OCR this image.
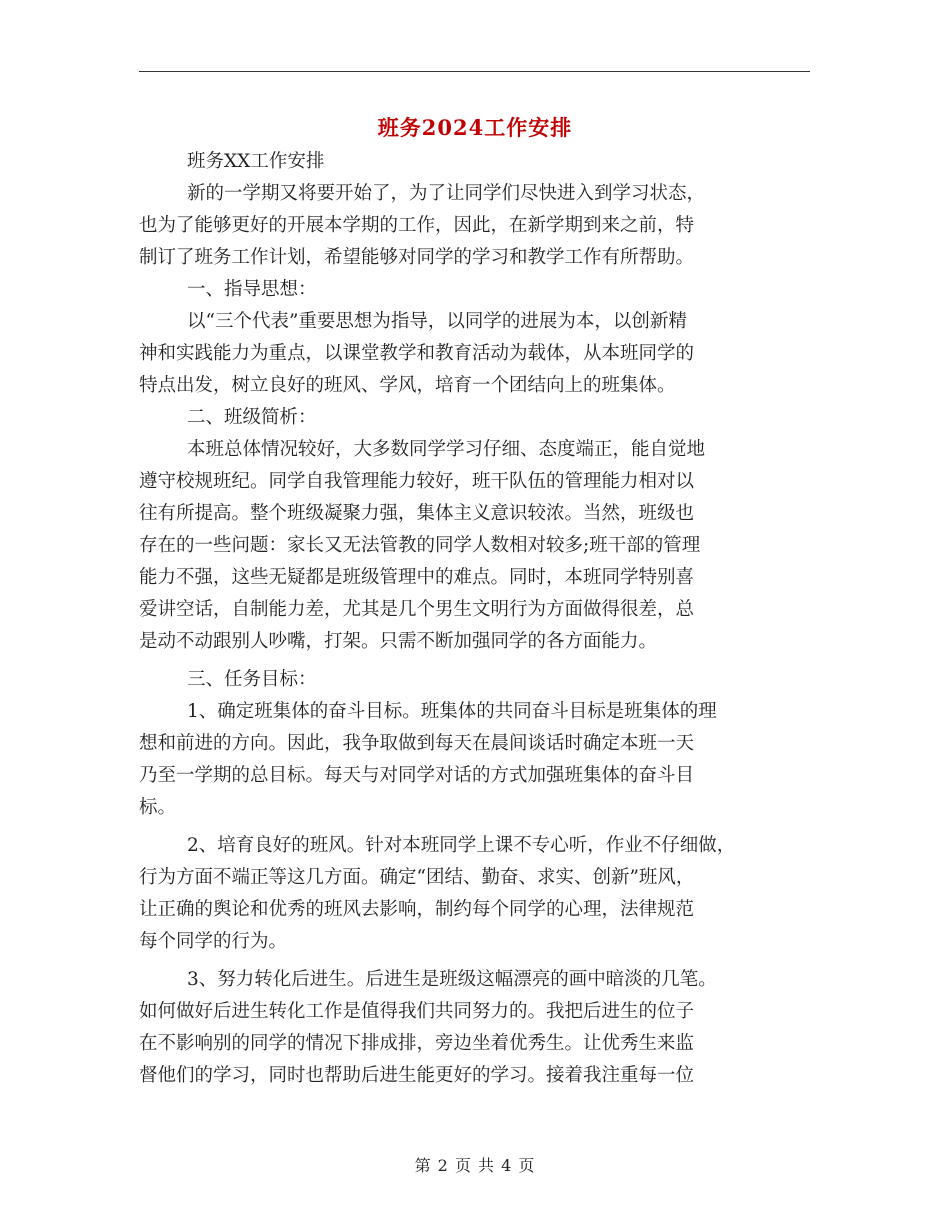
班务2024工作安排
班务XX工作安排
新的一学期又将要开始了，为了让同学们尽快进入到学习状态，
也为了能够更好的开展本学期的工作，因此，在新学期到来之前，特
制订了班务工作计划，希望能够对同学的学习和教学工作有所帮助。
一、指导思想：
以“三个代表”重要思想为指导，以同学的进展为本，以创新精
神和实践能力为重点，以课堂教学和教育活动为载体，从本班同学的
特点出发，树立良好的班风、学风，培育一个团结向上的班集体。
二、班级简析：
本班总体情况较好，大多数同学学习仔细、态度端正，能自觉地
遵守校规班纪。同学自我管理能力较好，班干队伍的管理能力相对以
往有所提高。整个班级凝聚力强，集体主义意识较浓。当然，班级也
存在的一些问题：家长又无法管教的同学人数相对较多;班干部的管理
能力不强，这些无疑都是班级管理中的难点。同时，本班同学特别喜
爱讲空话，自制能力差，尤其是几个男生文明行为方面做得很差，总
是动不动跟别人吵嘴，打架。只需不断加强同学的各方面能力。
三、任务目标：
1、确定班集体的奋斗目标。班集体的共同奋斗目标是班集体的理
想和前进的方向。因此，我争取做到每天在晨间谈话时确定本班一天
乃至一学期的总目标。每天与对同学对话的方式加强班集体的奋斗目
标。
2、培育良好的班风。针对本班同学上课不专心听，作业不仔细做，
行为方面不端正等这几方面。确定“团结、勤奋、求实、创新”班风，
让正确的舆论和优秀的班风去影响，制约每个同学的心理，法律规范
每个同学的行为。
3、努力转化后进生。后进生是班级这幅漂亮的画中暗淡的几笔。
如何做好后进生转化工作是值得我们共同努力的。我把后进生的位子
在不影响别的同学的情况下排成排，旁边坐着优秀生。让优秀生来监
督他们的学习，同时也帮助后进生能更好的学习。接着我注重每一位
第 2 页 共 4 页
